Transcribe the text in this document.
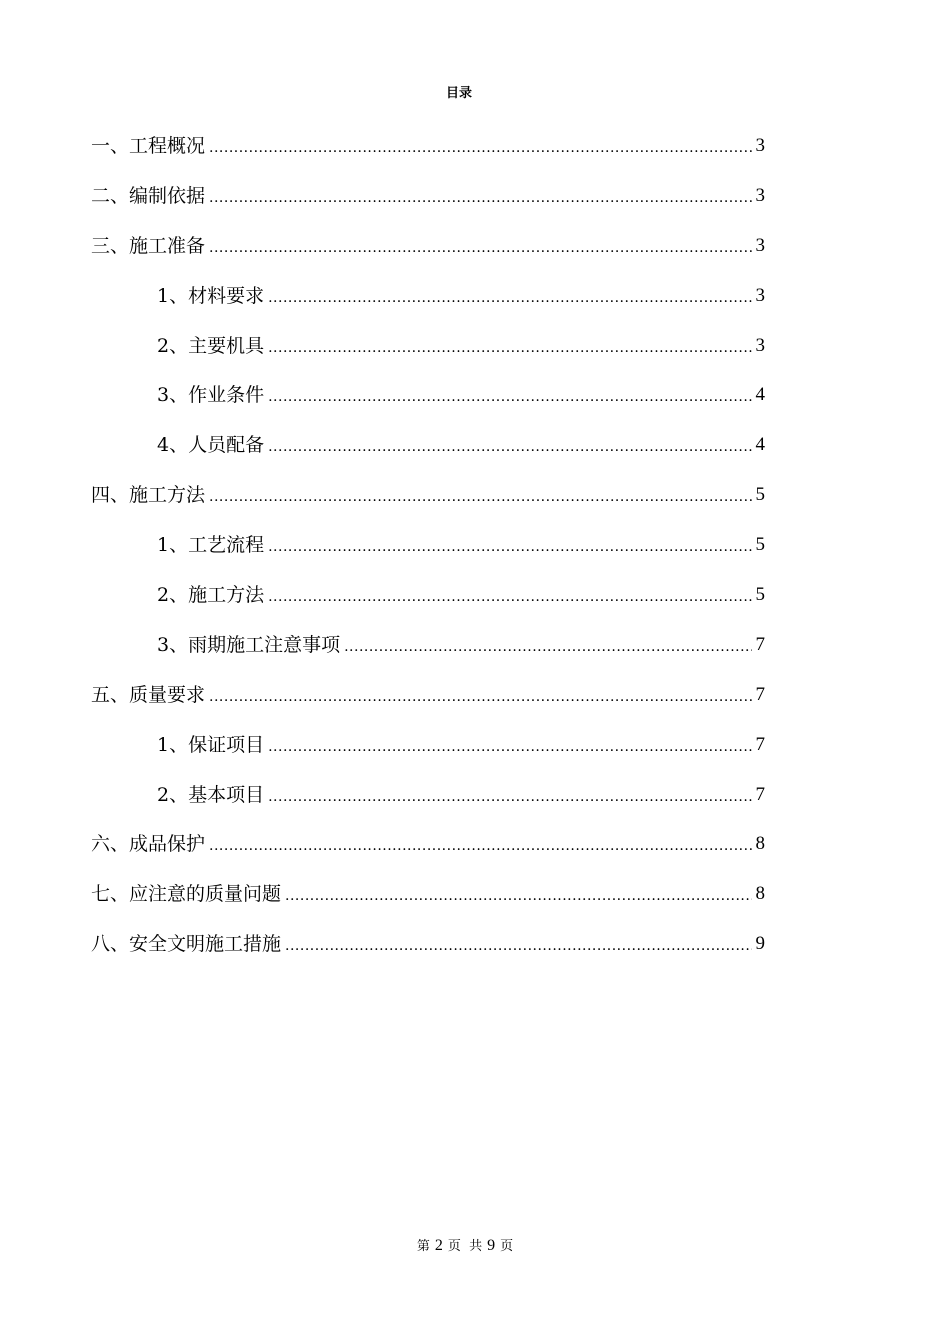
目录
一、工程概况 .....	3
二、编制依据 .....	3
三、施工准备 .....	3
1、材料要求 .....	3
2、主要机具 .....	3
3、作业条件 .....	4
4、人员配备 .....	4
四、施工方法 .....	5
1、工艺流程 .....	5
2、施工方法 .....	5
3、雨期施工注意事项 .....	7
五、质量要求 .....	7
1、保证项目 .....	7
2、基本项目 .....	7
六、成品保护 .....	8
七、应注意的质量问题 .....	8
八、安全文明施工措施 .....	9
第 2 页 共 9 页
